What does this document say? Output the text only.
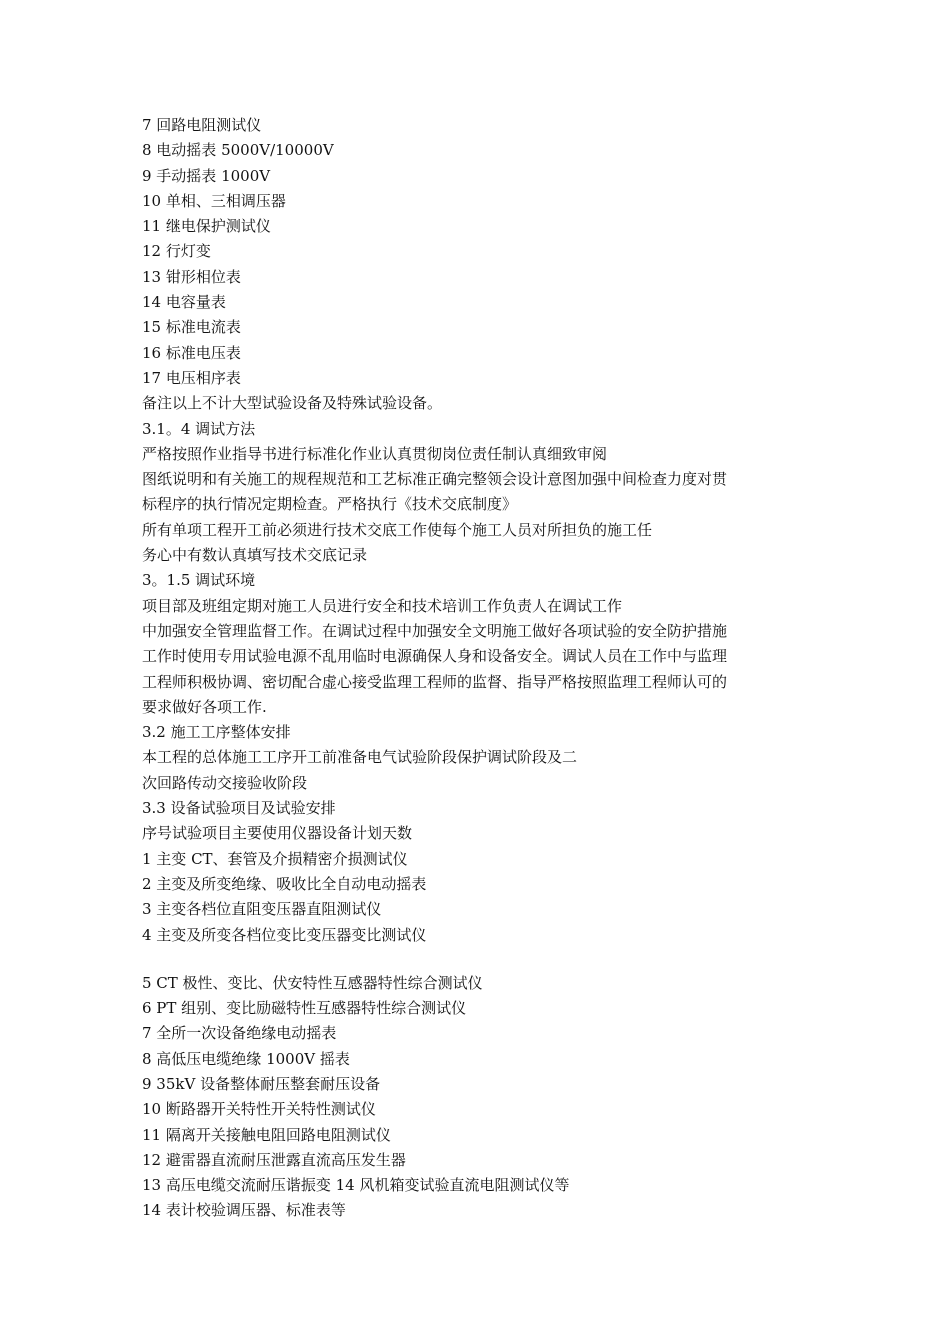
7 回路电阻测试仪

8 电动摇表 5000V/10000V

9 手动摇表 1000V

10 单相、三相调压器

11 继电保护测试仪

12 行灯变

13 钳形相位表

14 电容量表

15 标准电流表

16 标准电压表

17 电压相序表

备注以上不计大型试验设备及特殊试验设备。

3.1。4 调试方法

严格按照作业指导书进行标准化作业认真贯彻岗位责任制认真细致审阅

图纸说明和有关施工的规程规范和工艺标准正确完整领会设计意图加强中间检查力度对贯

标程序的执行情况定期检查。严格执行《技术交底制度》

所有单项工程开工前必须进行技术交底工作使每个施工人员对所担负的施工任

务心中有数认真填写技术交底记录

3。1.5 调试环境

项目部及班组定期对施工人员进行安全和技术培训工作负责人在调试工作

中加强安全管理监督工作。在调试过程中加强安全文明施工做好各项试验的安全防护措施

工作时使用专用试验电源不乱用临时电源确保人身和设备安全。调试人员在工作中与监理

工程师积极协调、密切配合虚心接受监理工程师的监督、指导严格按照监理工程师认可的

要求做好各项工作.

3.2 施工工序整体安排

本工程的总体施工工序开工前准备电气试验阶段保护调试阶段及二

次回路传动交接验收阶段

3.3 设备试验项目及试验安排

序号试验项目主要使用仪器设备计划天数

1 主变 CT、套管及介损精密介损测试仪

2 主变及所变绝缘、吸收比全自动电动摇表

3 主变各档位直阻变压器直阻测试仪

4 主变及所变各档位变比变压器变比测试仪

5 CT 极性、变比、伏安特性互感器特性综合测试仪

6 PT 组别、变比励磁特性互感器特性综合测试仪

7 全所一次设备绝缘电动摇表

8 高低压电缆绝缘 1000V 摇表

9 35kV 设备整体耐压整套耐压设备

10 断路器开关特性开关特性测试仪

11 隔离开关接触电阻回路电阻测试仪

12 避雷器直流耐压泄露直流高压发生器

13 高压电缆交流耐压谐振变 14 风机箱变试验直流电阻测试仪等

14 表计校验调压器、标准表等
